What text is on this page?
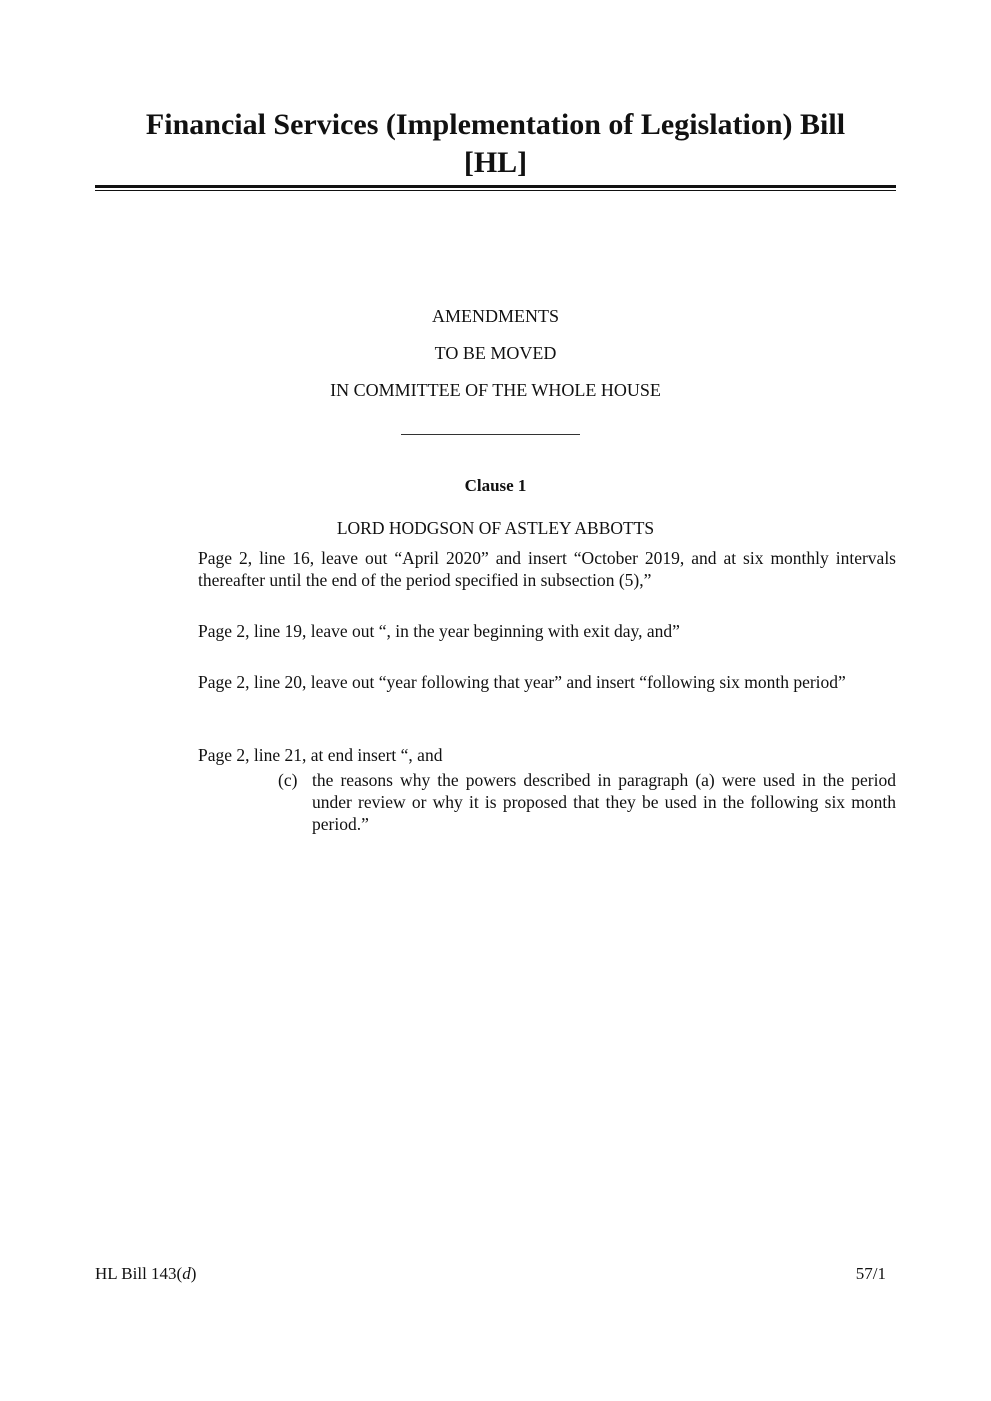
Financial Services (Implementation of Legislation) Bill
[HL]
AMENDMENTS
TO BE MOVED
IN COMMITTEE OF THE WHOLE HOUSE
Clause 1
LORD HODGSON OF ASTLEY ABBOTTS
Page 2, line 16, leave out “April 2020” and insert “October 2019, and at six monthly intervals thereafter until the end of the period specified in subsection (5),”
Page 2, line 19, leave out “, in the year beginning with exit day, and”
Page 2, line 20, leave out “year following that year” and insert “following six month period”
Page 2, line 21, at end insert “, and
(c) the reasons why the powers described in paragraph (a) were used in the period under review or why it is proposed that they be used in the following six month period.”
HL Bill 143(d)	57/1
